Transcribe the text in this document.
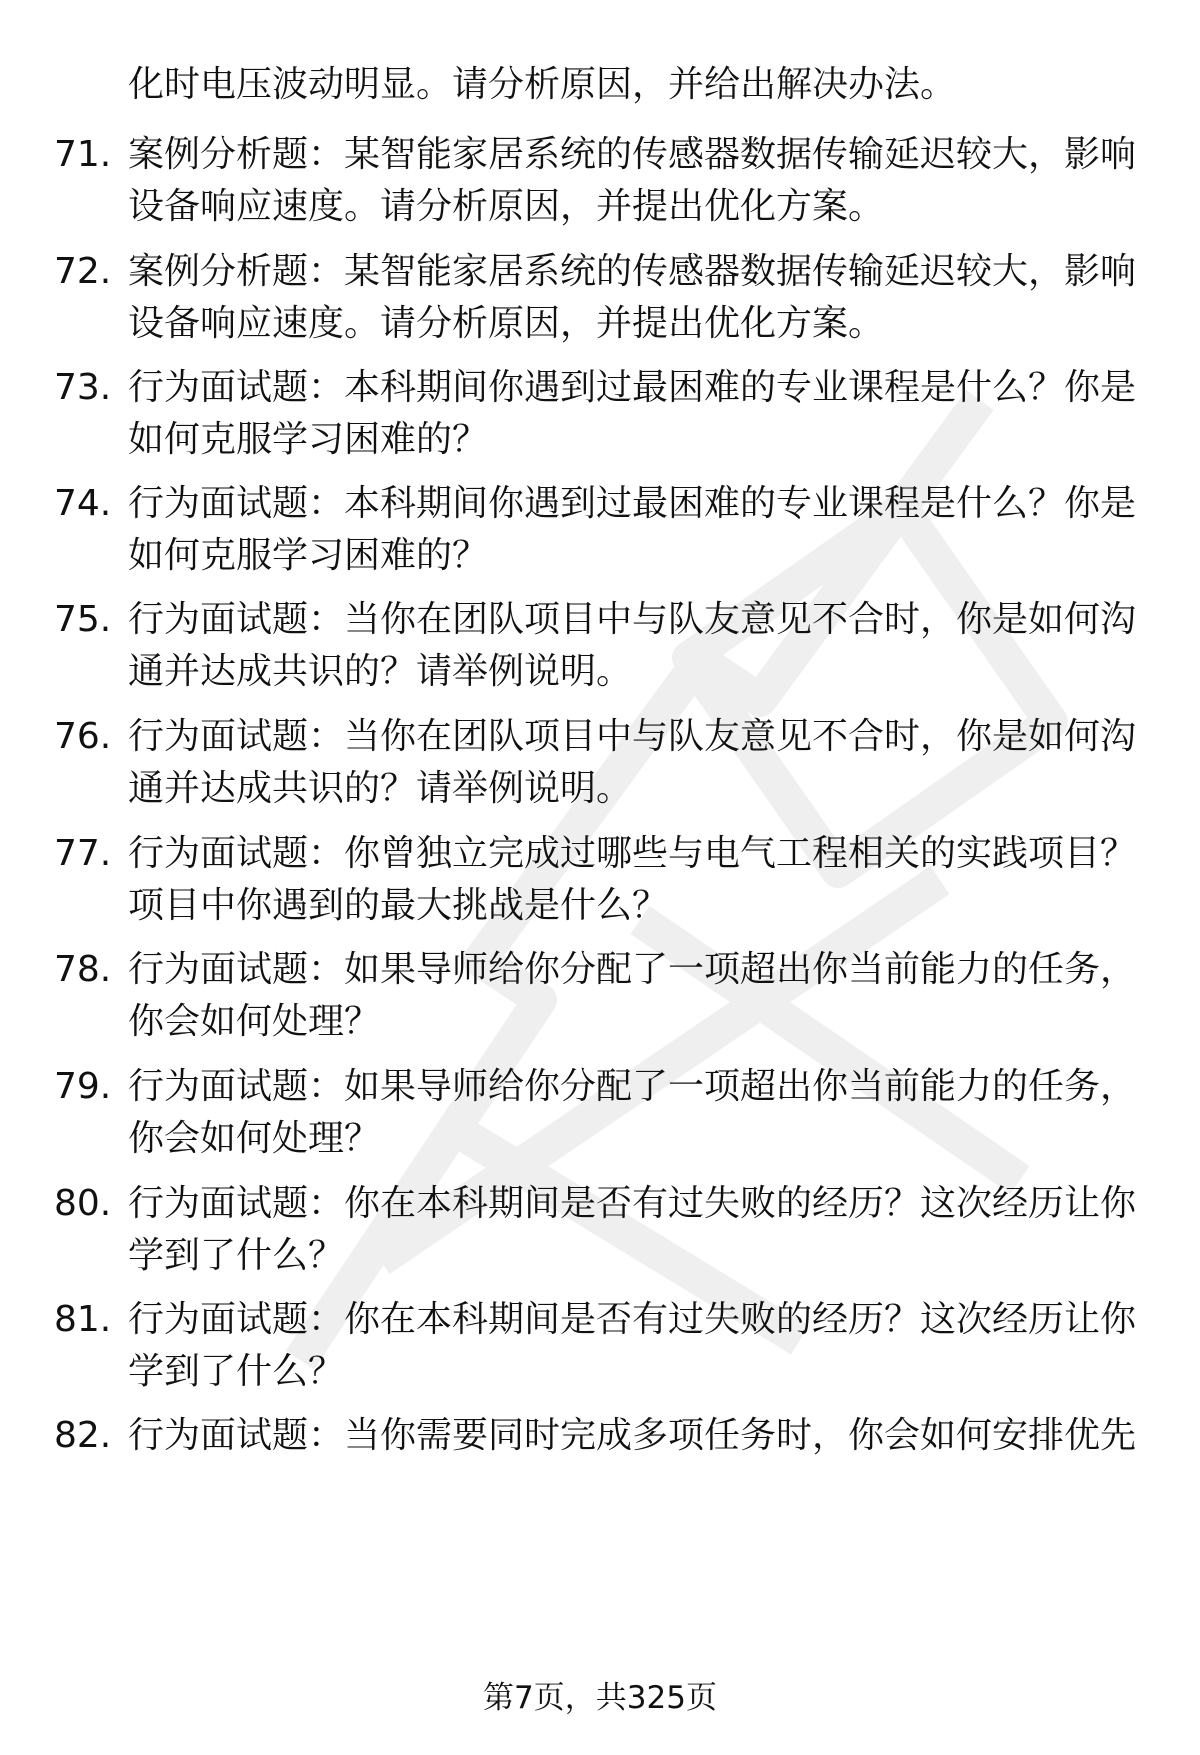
化时电压波动明显。请分析原因，并给出解决办法。
71. 案例分析题：某智能家居系统的传感器数据传输延迟较大，影响
设备响应速度。请分析原因，并提出优化方案。
72. 案例分析题：某智能家居系统的传感器数据传输延迟较大，影响
设备响应速度。请分析原因，并提出优化方案。
73. 行为面试题：本科期间你遇到过最困难的专业课程是什么？你是
如何克服学习困难的？
74. 行为面试题：本科期间你遇到过最困难的专业课程是什么？你是
如何克服学习困难的？
75. 行为面试题：当你在团队项目中与队友意见不合时，你是如何沟
通并达成共识的？请举例说明。
76. 行为面试题：当你在团队项目中与队友意见不合时，你是如何沟
通并达成共识的？请举例说明。
77. 行为面试题：你曾独立完成过哪些与电气工程相关的实践项目？
项目中你遇到的最大挑战是什么？
78. 行为面试题：如果导师给你分配了一项超出你当前能力的任务，
你会如何处理？
79. 行为面试题：如果导师给你分配了一项超出你当前能力的任务，
你会如何处理？
80. 行为面试题：你在本科期间是否有过失败的经历？这次经历让你
学到了什么？
81. 行为面试题：你在本科期间是否有过失败的经历？这次经历让你
学到了什么？
82. 行为面试题：当你需要同时完成多项任务时，你会如何安排优先
第7页，共325页
